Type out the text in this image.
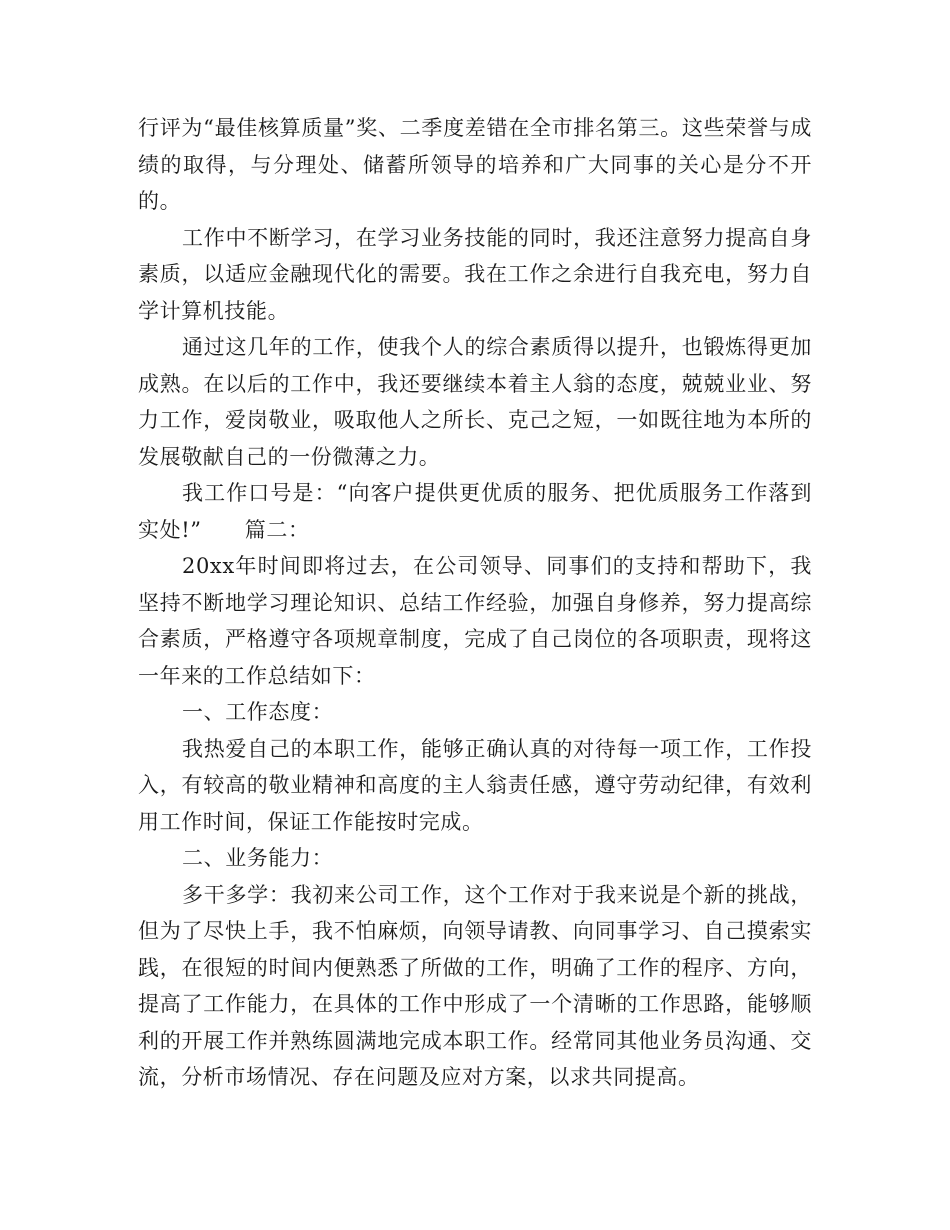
行评为“最佳核算质量”奖、二季度差错在全市排名第三。这些荣誉与成绩的取得，与分理处、储蓄所领导的培养和广大同事的关心是分不开的。

工作中不断学习，在学习业务技能的同时，我还注意努力提高自身素质，以适应金融现代化的需要。我在工作之余进行自我充电，努力自学计算机技能。

通过这几年的工作，使我个人的综合素质得以提升，也锻炼得更加成熟。在以后的工作中，我还要继续本着主人翁的态度，兢兢业业、努力工作，爱岗敬业，吸取他人之所长、克己之短，一如既往地为本所的发展敬献自己的一份微薄之力。

我工作口号是：“向客户提供更优质的服务、把优质服务工作落到实处!”　　篇二：

20xx年时间即将过去，在公司领导、同事们的支持和帮助下，我坚持不断地学习理论知识、总结工作经验，加强自身修养，努力提高综合素质，严格遵守各项规章制度，完成了自己岗位的各项职责，现将这一年来的工作总结如下：

一、工作态度：

我热爱自己的本职工作，能够正确认真的对待每一项工作，工作投入，有较高的敬业精神和高度的主人翁责任感，遵守劳动纪律，有效利用工作时间，保证工作能按时完成。

二、业务能力：

多干多学：我初来公司工作，这个工作对于我来说是个新的挑战，但为了尽快上手，我不怕麻烦，向领导请教、向同事学习、自己摸索实践，在很短的时间内便熟悉了所做的工作，明确了工作的程序、方向，提高了工作能力，在具体的工作中形成了一个清晰的工作思路，能够顺利的开展工作并熟练圆满地完成本职工作。经常同其他业务员沟通、交流，分析市场情况、存在问题及应对方案，以求共同提高。
